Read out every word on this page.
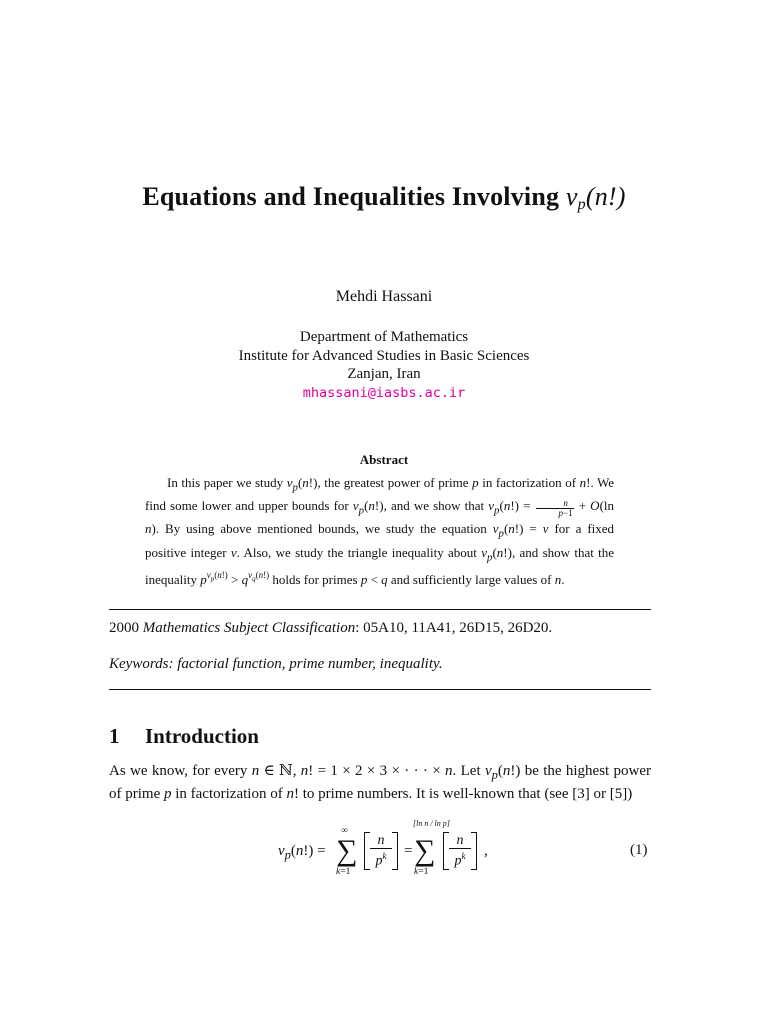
Equations and Inequalities Involving $v_p(n!)$
Mehdi Hassani
Department of Mathematics
Institute for Advanced Studies in Basic Sciences
Zanjan, Iran
mhassani@iasbs.ac.ir
Abstract

In this paper we study $v_p(n!)$, the greatest power of prime p in factorization of n!. We find some lower and upper bounds for $v_p(n!)$, and we show that $v_p(n!) = \frac{n}{p-1} + O(\ln$ n). By using above mentioned bounds, we study the equation $v_p(n!) = v$ for a fixed positive integer v. Also, we study the triangle inequality about $v_p(n!)$, and show that the inequality $p^{v_p(n!)} > q^{v_q(n!)}$ holds for primes p < q and sufficiently large values of n.

2000 Mathematics Subject Classification: 05A10, 11A41, 26D15, 26D20.
Keywords: factorial function, prime number, inequality.
1 Introduction

As we know, for every n ∈ ℕ, n! = 1 × 2 × 3 × · · · × n. Let $v_p(n!)$ be the highest power of prime p in factorization of n! to prime numbers. It is well-known that (see [3] or [5])

$v_p(n!)$ =
∞
∑
k=1
n
$p^k$	=
[ln n / ln p]
∑
k=1
n
$p^k$	,	(1)
